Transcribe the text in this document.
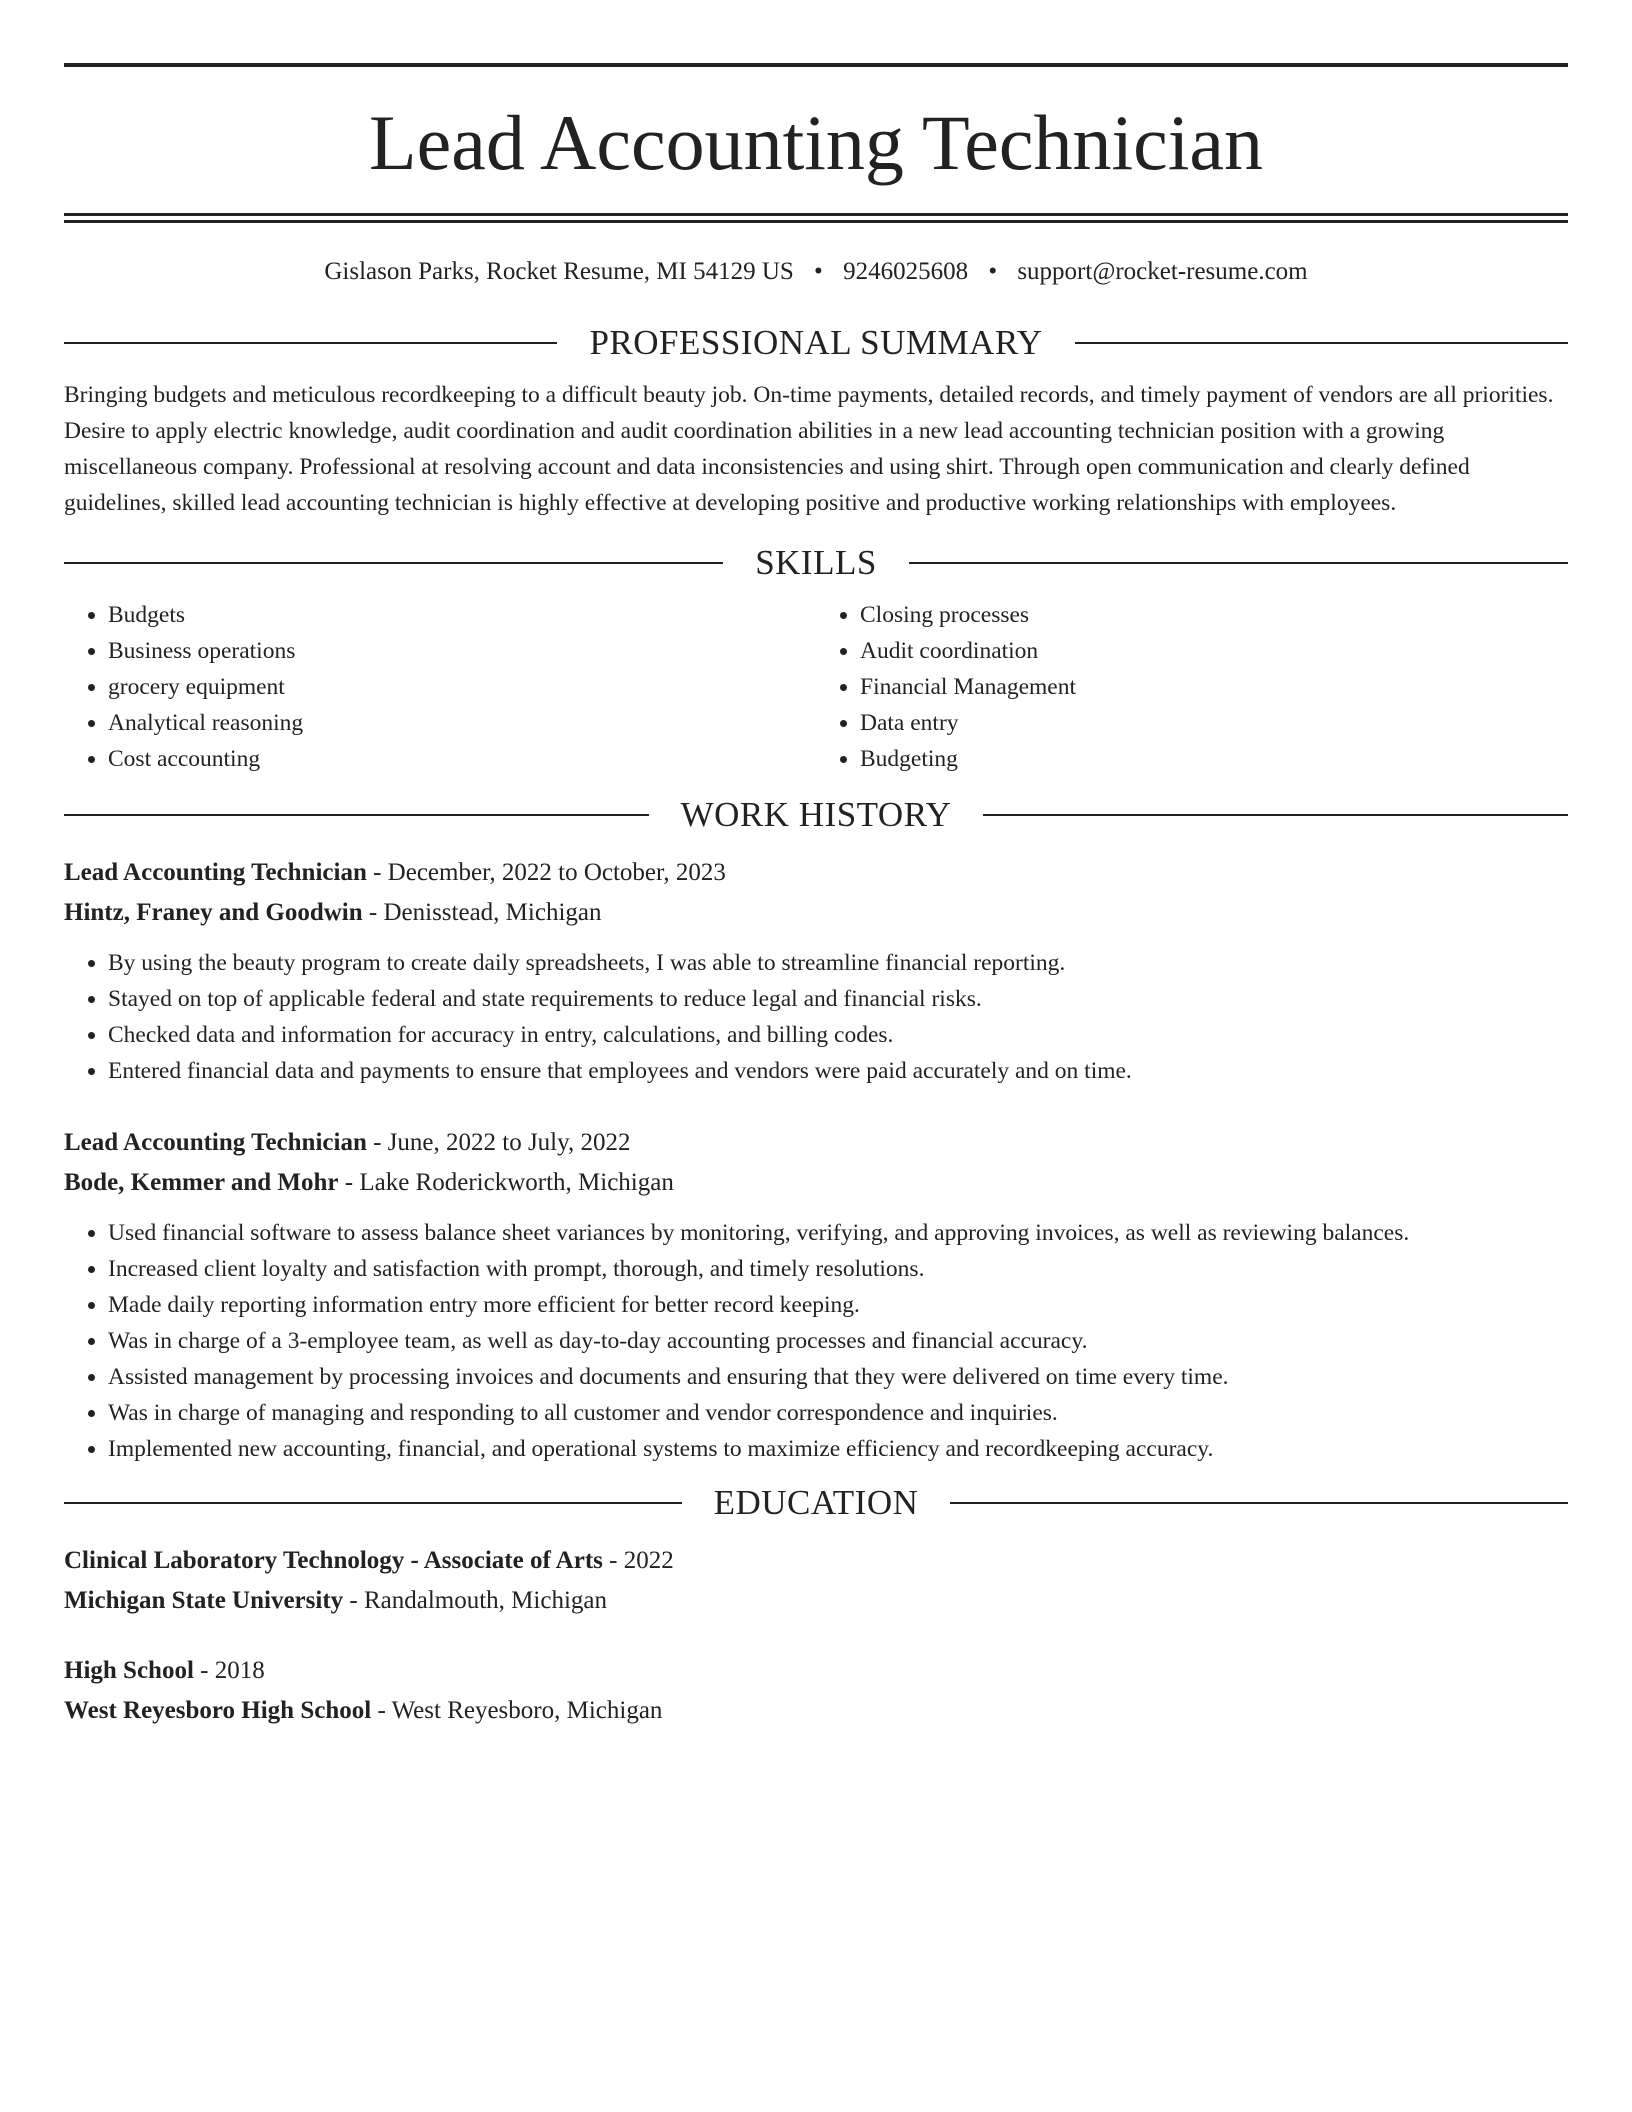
Lead Accounting Technician
Gislason Parks, Rocket Resume, MI 54129 US • 9246025608 • support@rocket-resume.com
PROFESSIONAL SUMMARY
Bringing budgets and meticulous recordkeeping to a difficult beauty job. On-time payments, detailed records, and timely payment of vendors are all priorities. Desire to apply electric knowledge, audit coordination and audit coordination abilities in a new lead accounting technician position with a growing miscellaneous company. Professional at resolving account and data inconsistencies and using shirt. Through open communication and clearly defined guidelines, skilled lead accounting technician is highly effective at developing positive and productive working relationships with employees.
SKILLS
• Budgets
• Business operations
• grocery equipment
• Analytical reasoning
• Cost accounting
• Closing processes
• Audit coordination
• Financial Management
• Data entry
• Budgeting
WORK HISTORY
Lead Accounting Technician - December, 2022 to October, 2023
Hintz, Franey and Goodwin - Denisstead, Michigan
• By using the beauty program to create daily spreadsheets, I was able to streamline financial reporting.
• Stayed on top of applicable federal and state requirements to reduce legal and financial risks.
• Checked data and information for accuracy in entry, calculations, and billing codes.
• Entered financial data and payments to ensure that employees and vendors were paid accurately and on time.
Lead Accounting Technician - June, 2022 to July, 2022
Bode, Kemmer and Mohr - Lake Roderickworth, Michigan
• Used financial software to assess balance sheet variances by monitoring, verifying, and approving invoices, as well as reviewing balances.
• Increased client loyalty and satisfaction with prompt, thorough, and timely resolutions.
• Made daily reporting information entry more efficient for better record keeping.
• Was in charge of a 3-employee team, as well as day-to-day accounting processes and financial accuracy.
• Assisted management by processing invoices and documents and ensuring that they were delivered on time every time.
• Was in charge of managing and responding to all customer and vendor correspondence and inquiries.
• Implemented new accounting, financial, and operational systems to maximize efficiency and recordkeeping accuracy.
EDUCATION
Clinical Laboratory Technology - Associate of Arts - 2022
Michigan State University - Randalmouth, Michigan
High School - 2018
West Reyesboro High School - West Reyesboro, Michigan
